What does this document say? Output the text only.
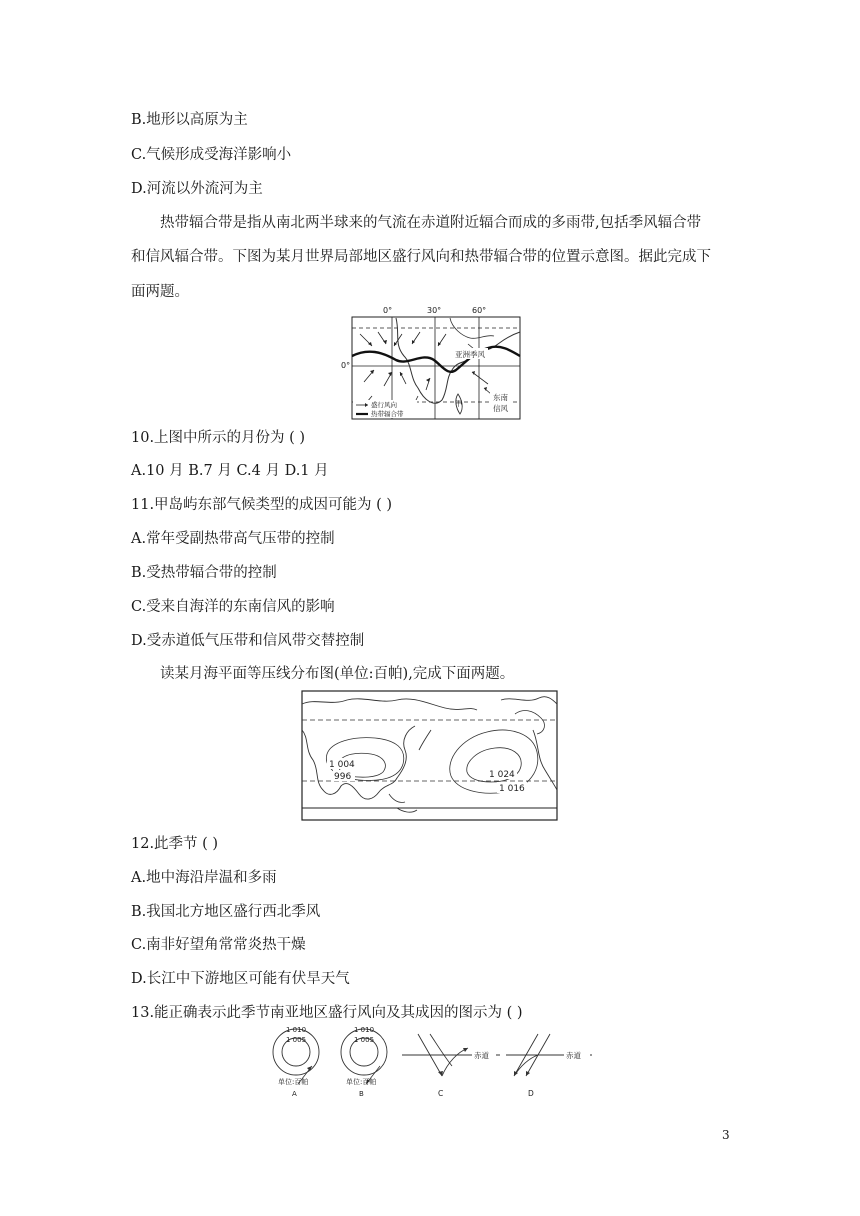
B.地形以高原为主
C.气候形成受海洋影响小
D.河流以外流河为主
热带辐合带是指从南北两半球来的气流在赤道附近辐合而成的多雨带,包括季风辐合带
和信风辐合带。下图为某月世界局部地区盛行风向和热带辐合带的位置示意图。据此完成下
面两题。
0°	30°	60°
0°
亚洲季风
东南
信风
甲
盛行风向
热带辐合带
10.上图中所示的月份为 ( )
A.10 月 B.7 月 C.4 月 D.1 月
11.甲岛屿东部气候类型的成因可能为 ( )
A.常年受副热带高气压带的控制
B.受热带辐合带的控制
C.受来自海洋的东南信风的影响
D.受赤道低气压带和信风带交替控制
读某月海平面等压线分布图(单位:百帕),完成下面两题。
1 004
996	1 024
1 016
12.此季节 ( )
A.地中海沿岸温和多雨
B.我国北方地区盛行西北季风
C.南非好望角常常炎热干燥
D.长江中下游地区可能有伏旱天气
13.能正确表示此季节南亚地区盛行风向及其成因的图示为 ( )
1 010
1 005
单位:百帕
A
1 010
1 005
单位:百帕
B
赤道
C
赤道
D
3
